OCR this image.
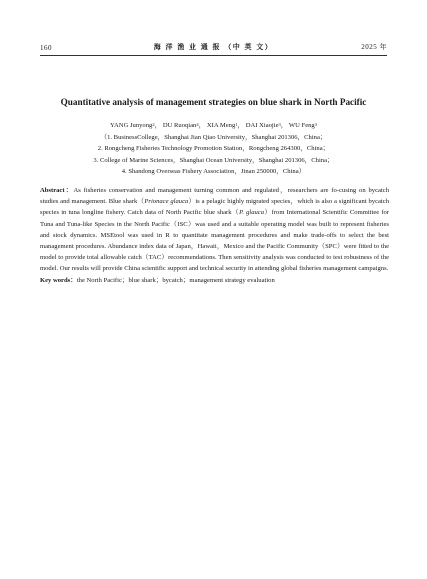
160	海 洋 渔 业 通 报 （中 英 文）	2025 年
Quantitative analysis of management strategies on blue shark in North Pacific
YANG Junyong$^2$， DU Ruoqian$^4$， XIA Meng$^1$， DAI Xiaojie$^3$， WU Feng$^3$
（1. BusinessCollege，Shanghai Jian Qiao University，Shanghai 201306，China；
2. Rongcheng Fisheries Technology Promotion Station，Rongcheng 264300，China；
3. College of Marine Sciences，Shanghai Ocean University，Shanghai 201306，China；
4. Shandong Overseas Fishery Association，Jinan 250000，China）

Abstract：As fisheries conservation and management turning common and regulated，researchers are fo-cusing on bycatch studies and management. Blue shark（Prionace glauca）is a pelagic highly migrated species，which is also a significant bycatch species in tuna longline fishery. Catch data of North Pacific blue shark（P. glauca）from International Scientific Committee for Tuna and Tuna-like Species in the North Pacific（ISC）was used and a suitable operating model was built to represent fisheries and stock dynamics. MSEtool was used in R to quantitate management procedures and make trade-offs to select the best management procedures. Abundance index data of Japan，Hawaii，Mexico and the Pacific Community（SPC）were fitted to the model to provide total allowable catch（TAC）recommendations. Then sensitivity analysis was conducted to test robustness of the model. Our results will provide China scientific support and technical security in attending global fisheries management campaigns.

Key words：the North Pacific；blue shark；bycatch；management strategy evaluation
